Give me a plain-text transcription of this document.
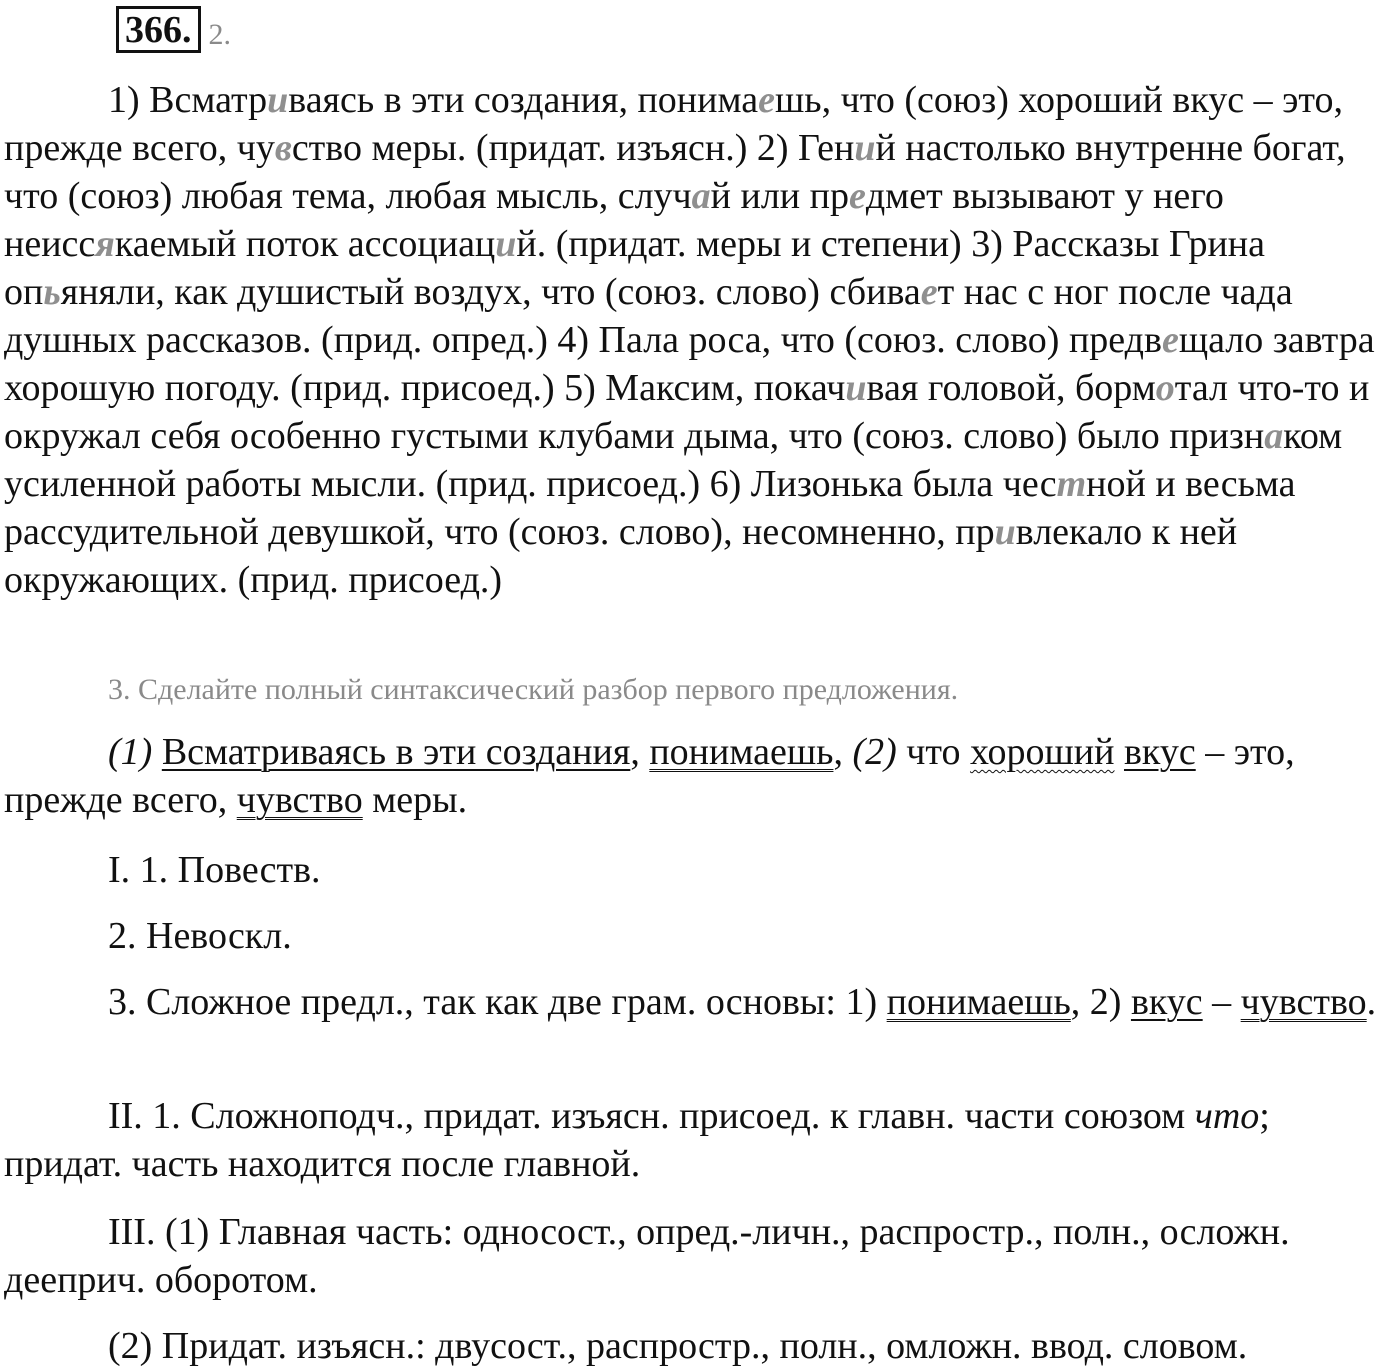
366. 2.

1) Всматриваясь в эти создания, понимаешь, что (союз) хороший вкус – это, прежде всего, чувство меры. (придат. изъясн.) 2) Гений настолько внутренне богат, что (союз) любая тема, любая мысль, случай или предмет вызывают у него неиссякаемый поток ассоциаций. (придат. меры и степени) 3) Рассказы Грина опьяняли, как душистый воздух, что (союз. слово) сбивает нас с ног после чада душных рассказов. (прид. опред.) 4) Пала роса, что (союз. слово) предвещало завтра хорошую погоду. (прид. присоед.) 5) Максим, покачивая головой, бормотал что-то и окружал себя особенно густыми клубами дыма, что (союз. слово) было признаком усиленной работы мысли. (прид. присоед.) 6) Лизонька была честной и весьма рассудительной девушкой, что (союз. слово), несомненно, привлекало к ней окружающих. (прид. присоед.)

3. Сделайте полный синтаксический разбор первого предложения.

(1) Всматриваясь в эти создания, понимаешь, (2) что хороший вкус – это, прежде всего, чувство меры.

I. 1. Повеств.

2. Невоскл.

3. Сложное предл., так как две грам. основы: 1) понимаешь, 2) вкус – чувство.

II. 1. Сложноподч., придат. изъясн. присоед. к главн. части союзом что; придат. часть находится после главной.

III. (1) Главная часть: односост., опред.-личн., распростр., полн., осложн. дееприч. оборотом.

(2) Придат. изъясн.: двусост., распростр., полн., омложн. ввод. словом.
